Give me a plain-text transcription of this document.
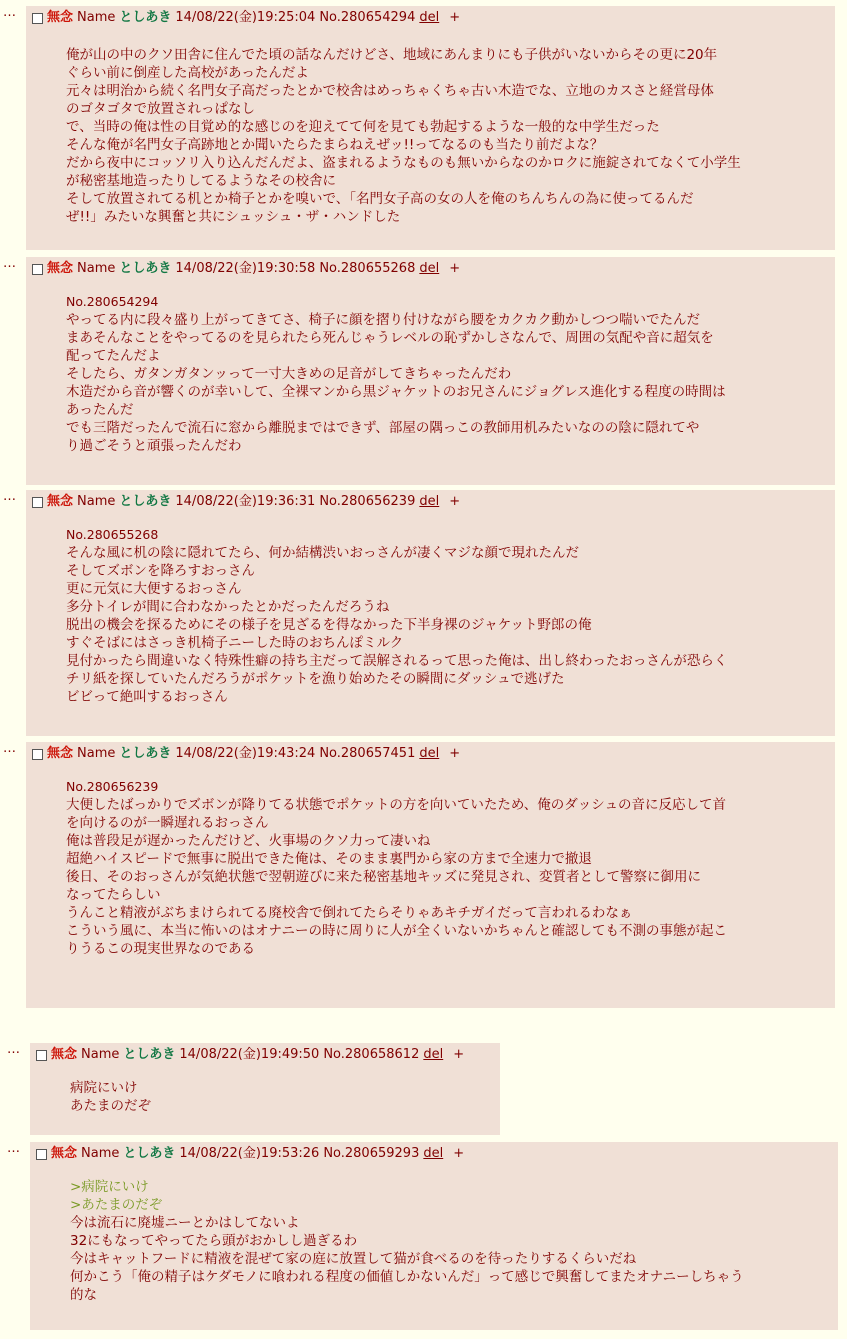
…	無念 Name としあき 14/08/22(金)19:25:04 No.280654294 del +
俺が山の中のクソ田舎に住んでた頃の話なんだけどさ、地域にあんまりにも子供がいないからその更に20年
ぐらい前に倒産した高校があったんだよ
元々は明治から続く名門女子高だったとかで校舎はめっちゃくちゃ古い木造でな、立地のカスさと経営母体
のゴタゴタで放置されっぱなし
で、当時の俺は性の目覚め的な感じのを迎えてて何を見ても勃起するような一般的な中学生だった
そんな俺が名門女子高跡地とか聞いたらたまらねえぜッ!!ってなるのも当たり前だよな？
だから夜中にコッソリ入り込んだんだよ、盗まれるようなものも無いからなのかロクに施錠されてなくて小学生
が秘密基地造ったりしてるようなその校舎に
そして放置されてる机とか椅子とかを嗅いで、「名門女子高の女の人を俺のちんちんの為に使ってるんだ
ぜ!!」みたいな興奮と共にシュッシュ・ザ・ハンドした
…	無念 Name としあき 14/08/22(金)19:30:58 No.280655268 del +
No.280654294
やってる内に段々盛り上がってきてさ、椅子に顔を摺り付けながら腰をカクカク動かしつつ喘いでたんだ
まあそんなことをやってるのを見られたら死んじゃうレベルの恥ずかしさなんで、周囲の気配や音に超気を
配ってたんだよ
そしたら、ガタンガタンッって一寸大きめの足音がしてきちゃったんだわ
木造だから音が響くのが幸いして、全裸マンから黒ジャケットのお兄さんにジョグレス進化する程度の時間は
あったんだ
でも三階だったんで流石に窓から離脱まではできず、部屋の隅っこの教師用机みたいなのの陰に隠れてや
り過ごそうと頑張ったんだわ
…	無念 Name としあき 14/08/22(金)19:36:31 No.280656239 del +
No.280655268
そんな風に机の陰に隠れてたら、何か結構渋いおっさんが凄くマジな顔で現れたんだ
そしてズボンを降ろすおっさん
更に元気に大便するおっさん
多分トイレが間に合わなかったとかだったんだろうね
脱出の機会を探るためにその様子を見ざるを得なかった下半身裸のジャケット野郎の俺
すぐそばにはさっき机椅子ニーした時のおちんぽミルク
見付かったら間違いなく特殊性癖の持ち主だって誤解されるって思った俺は、出し終わったおっさんが恐らく
チリ紙を探していたんだろうがポケットを漁り始めたその瞬間にダッシュで逃げた
ビビって絶叫するおっさん
…	無念 Name としあき 14/08/22(金)19:43:24 No.280657451 del +
No.280656239
大便したばっかりでズボンが降りてる状態でポケットの方を向いていたため、俺のダッシュの音に反応して首
を向けるのが一瞬遅れるおっさん
俺は普段足が遅かったんだけど、火事場のクソ力って凄いね
超絶ハイスピードで無事に脱出できた俺は、そのまま裏門から家の方まで全速力で撤退
後日、そのおっさんが気絶状態で翌朝遊びに来た秘密基地キッズに発見され、変質者として警察に御用に
なってたらしい
うんこと精液がぶちまけられてる廃校舎で倒れてたらそりゃあキチガイだって言われるわなぁ
こういう風に、本当に怖いのはオナニーの時に周りに人が全くいないかちゃんと確認しても不測の事態が起こ
りうるこの現実世界なのである
…	無念 Name としあき 14/08/22(金)19:49:50 No.280658612 del +
病院にいけ
あたまのだぞ
…	無念 Name としあき 14/08/22(金)19:53:26 No.280659293 del +
>病院にいけ
>あたまのだぞ
今は流石に廃墟ニーとかはしてないよ
32にもなってやってたら頭がおかしし過ぎるわ
今はキャットフードに精液を混ぜて家の庭に放置して猫が食べるのを待ったりするくらいだね
何かこう「俺の精子はケダモノに喰われる程度の価値しかないんだ」って感じで興奮してまたオナニーしちゃう
的な
